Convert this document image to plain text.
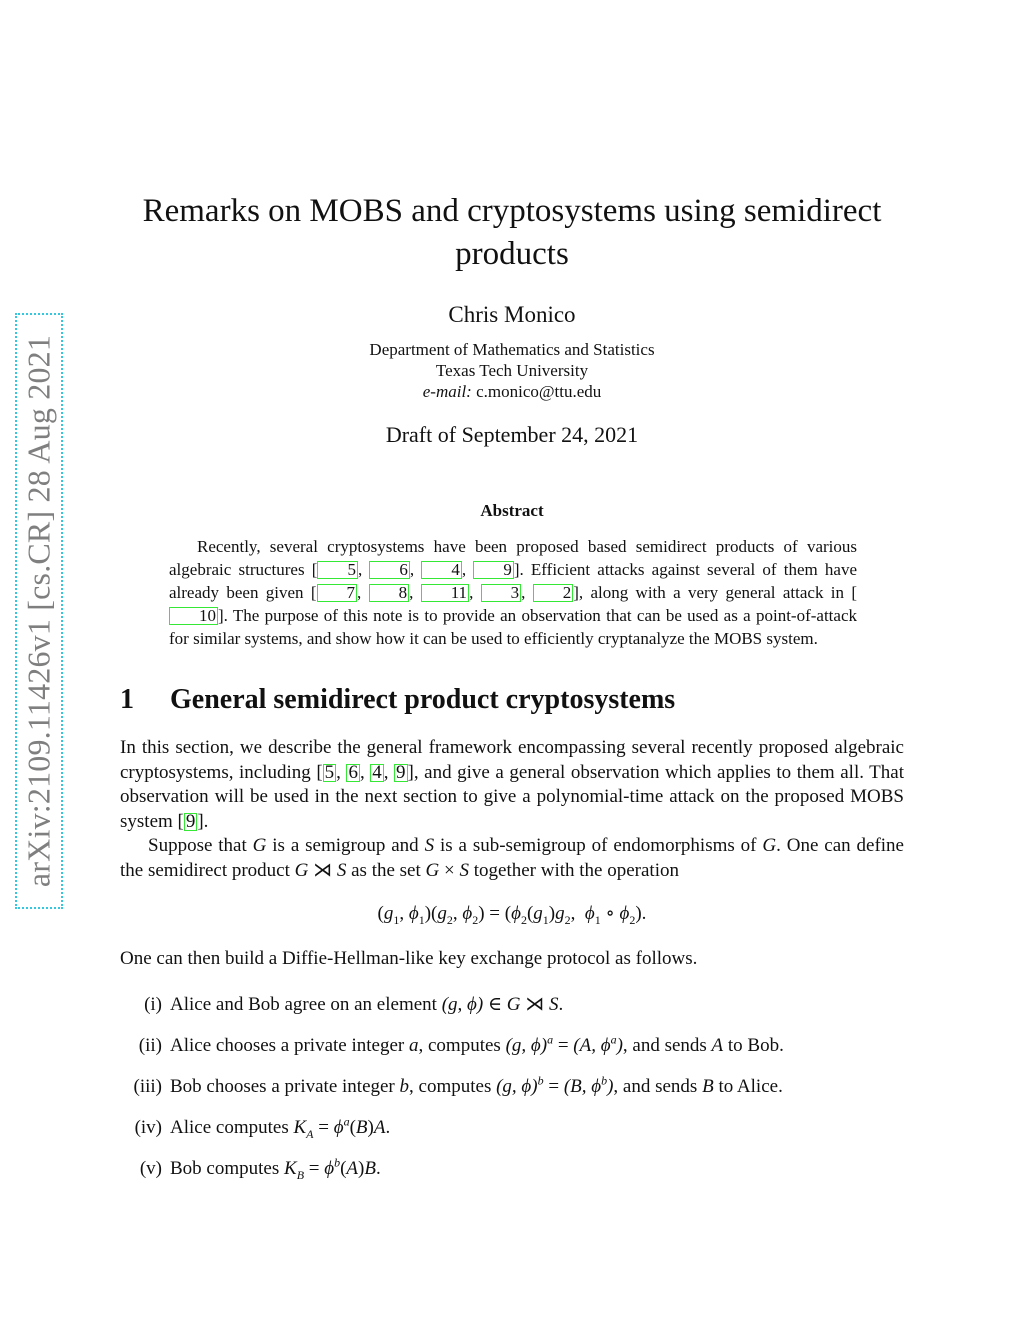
arXiv:2109.11426v1 [cs.CR] 28 Aug 2021
Remarks on MOBS and cryptosystems using semidirect products
Chris Monico
Department of Mathematics and Statistics
Texas Tech University
e-mail: c.monico@ttu.edu
Draft of September 24, 2021
Abstract
Recently, several cryptosystems have been proposed based semidirect products of various algebraic structures [ 5 , 6 , 4 , 9 ]. Efficient attacks against several of them have already been given [ 7 , 8 , 11 , 3 , 2 ], along with a very general attack in [10 ]. The purpose of this note is to provide an observation that can be used as a point-of-attack for similar systems, and show how it can be used to efficiently cryptanalyze the MOBS system.
1 General semidirect product cryptosystems
In this section, we describe the general framework encompassing several recently proposed algebraic cryptosystems, including [ 5 , 6 , 4 , 9 ], and give a general observation which applies to them all. That observation will be used in the next section to give a polynomial-time attack on the proposed MOBS system [ 9 ].
Suppose that G is a semigroup and S is a sub-semigroup of endomorphisms of G. One can define the semidirect product G ⋊ S as the set G × S together with the operation
($g_1$, $\phi_1)(g_2$, $\phi_2) = (\phi_2(g_1)g_2$,  $\phi_1$ ∘ $\phi_2$).
One can then build a Diffie-Hellman-like key exchange protocol as follows.
(i) Alice and Bob agree on an element (g, ϕ) ∈ G ⋊ S.
(ii) Alice chooses a private integer a, computes (g, ϕ)$^a$ = (A, $\phi^a$), and sends A to Bob.
(iii) Bob chooses a private integer b, computes (g, ϕ)$^b$ = (B, $\phi^b$), and sends B to Alice.
(iv) Alice computes $K_A = \phi^a(B)A$.
(v) Bob computes $K_B = \phi^b(A)B$.
